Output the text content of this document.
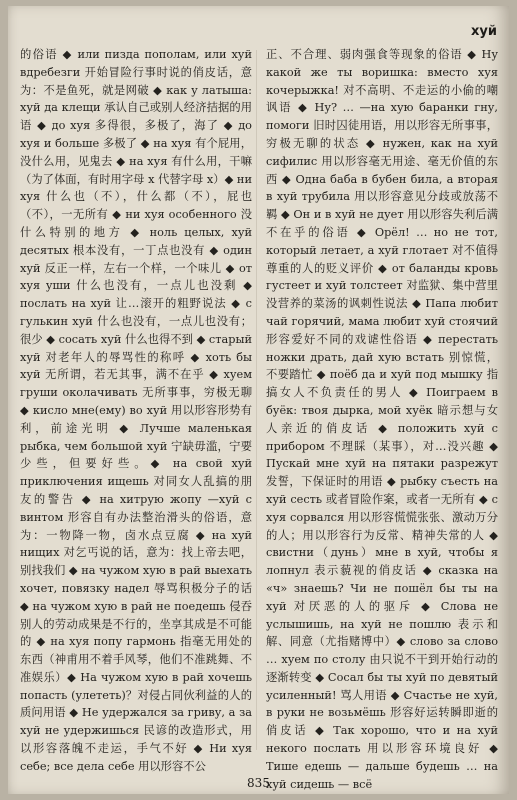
хуй

的俗语 ◆ или пизда пополам, или хуй вдребезги 开始冒险行事时说的俏皮话，意为：不是鱼死，就是网破 ◆ как у латыша: хуй да клещи 承认自己或别人经济拮据的用语 ◆ до хуя 多得很，多极了，海了 ◆ до хуя и больше 多极了 ◆ на хуя 有个屁用，没什么用，见鬼去 ◆ на хуя 有什么用，干嘛（为了体面，有时用字母 х 代替字母 х）◆ ни хуя 什么也（不），什么都（不），屁也（不），一无所有 ◆ ни хуя особенного 没什么特别的地方 ◆ ноль целых, хуй десятых 根本没有，一丁点也没有 ◆ один хуй 反正一样，左右一个样，一个味儿 ◆ от хуя уши 什么也没有，一点儿也没剩 ◆ послать на хуй 让…滚开的粗野说法 ◆ с гулькин хуй 什么也没有，一点儿也没有；很少 ◆ сосать хуй 什么也得不到 ◆ старый хуй 对老年人的辱骂性的称呼 ◆ хоть бы хуй 无所谓，若无其事，满不在乎 ◆ хуем груши околачивать 无所事事，穷极无聊 ◆ кисло мне(ему) во хуй 用以形容形势有利，前途光明 ◆ Лучше маленькая рыбка, чем большой хуй 宁缺毋滥，宁要少些，但要好些。◆ на свой хуй приключения ищешь 对同女人乱搞的朋友的警告 ◆ на хитрую жопу —хуй с винтом 形容自有办法整治滑头的俗语，意为：一物降一物，卤水点豆腐 ◆ на хуй нищих 对乞丐说的话，意为：找上帝去吧，别找我们 ◆ на чужом хую в рай выехать хочет, повязку надел 辱骂积极分子的话 ◆ на чужом хую в рай не поедешь 侵吞别人的劳动成果是不行的，坐享其成是不可能的 ◆ на хуя попу гармонь 指毫无用处的东西（神甫用不着手风琴，他们不准跳舞、不准娱乐）◆ На чужом хую в рай хочешь попасть (улететь)？对侵占同伙利益的人的质问用语 ◆ Не удержался за гриву, а за хуй не удержишься 民谚的改造形式，用以形容落魄不走运，手气不好 ◆ Ни хуя себе; все дела себе 用以形容不公

正、不合理、弱肉强食等现象的俗语 ◆ Ну какой же ты воришка: вместо хуя кочерыжка! 对不高明、不走运的小偷的嘲讽语 ◆ Ну? … —на хую баранки гну, помоги 旧时囚徒用语，用以形容无所事事，穷极无聊的状态 ◆ нужен, как на хуй сифилис 用以形容毫无用途、毫无价值的东西 ◆ Одна баба в бубен била, а вторая в хуй трубила 用以形容意见分歧或放荡不羁 ◆ Он и в хуй не дует 用以形容失利后满不在乎的俗语 ◆ Орёл! … но не тот, который летает, а хуй глотает 对不值得尊重的人的贬义评价 ◆ от баланды кровь густеет и хуй толстеет 对监狱、集中营里没营养的菜汤的讽刺性说法 ◆ Папа любит чай горячий, мама любит хуй стоячий 形容爱好不同的戏谑性俗语 ◆ перестать ножки драть, дай хую встать 别惊慌，不要踏忙 ◆ поёб да и хуй под мышку 指搞女人不负责任的男人 ◆ Поиграем в буёк: твоя дырка, мой хуёк 暗示想与女人亲近的俏皮话 ◆ положить хуй с прибором 不理睬（某事），对…没兴趣 ◆ Пускай мне хуй на пятаки разрежут 发誓，下保证时的用语 ◆ рыбку съесть на хуй сесть 或者冒险作案，或者一无所有 ◆ с хуя сорвался 用以形容慌慌张张、激动万分的人；用以形容行为反常、精神失常的人 ◆ свистни（дунь）мне в хуй, чтобы я лопнул 表示藐视的俏皮话 ◆ сказка на «ч» знаешь? Чи не пошёл бы ты на хуй 对厌恶的人的驱斥 ◆ Слова не услышишь, на хуй не пошлю 表示和解、同意（尤指赌博中）◆ слово за слово … хуем по столу 由只说不干到开始行动的逐渐转变 ◆ Сосал бы ты хуй по девятый усиленный! 骂人用语 ◆ Счастье не хуй, в руки не возьмёшь 形容好运转瞬即逝的俏皮话 ◆ Так хорошо, что и на хуй некого послать 用以形容环境良好 ◆ Тише едешь — дальше будешь … на хуй сидешь — всё

835
